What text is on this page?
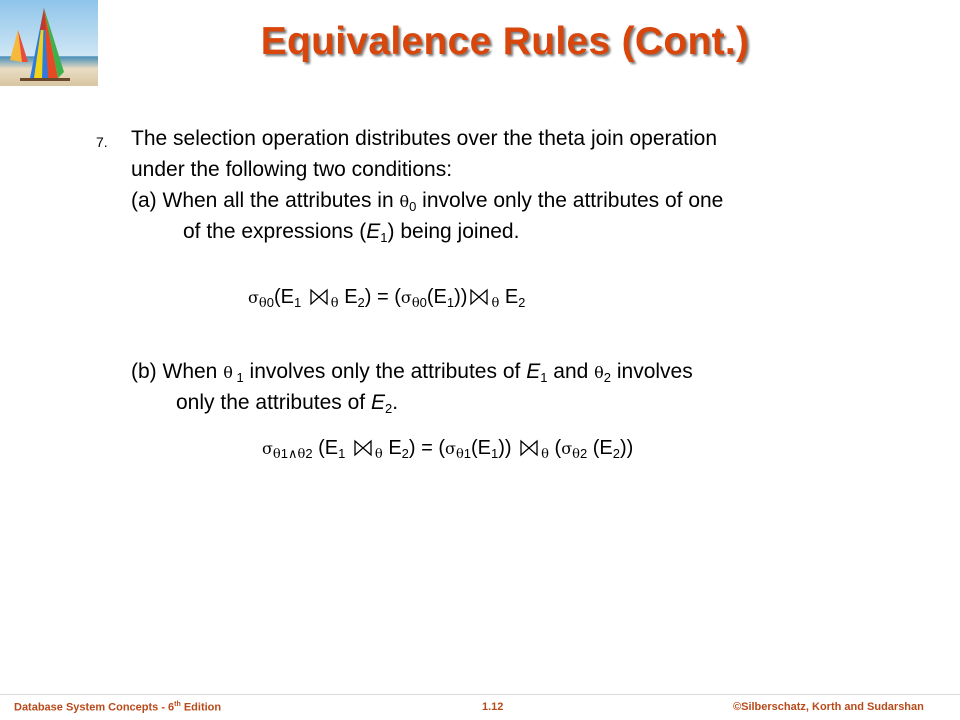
Equivalence Rules (Cont.)
7. The selection operation distributes over the theta join operation
under the following two conditions:
(a) When all the attributes in $\theta_0$ involve only the attributes of one
of the expressions $(E_1)$ being joined.
$\sigma_{\theta 0}(E_1$ $_\theta$ $E_2) = (\sigma_{\theta 0}(E_1))$ $_\theta$ $E_2$
(b) When θ $_1$ involves only the attributes of $E_1$ and $\theta_2$ involves
only the attributes of $E_2$.
$\sigma_{\theta 1\wedge\theta 2}$ ($E_1$ $_\theta$ $E_2) = (\sigma_{\theta 1}(E_1))$ $_\theta$ ($\sigma_{\theta 2}$ $(E_2)$)
Database System Concepts - 6th Edition	1.12	©Silberschatz, Korth and Sudarshan
